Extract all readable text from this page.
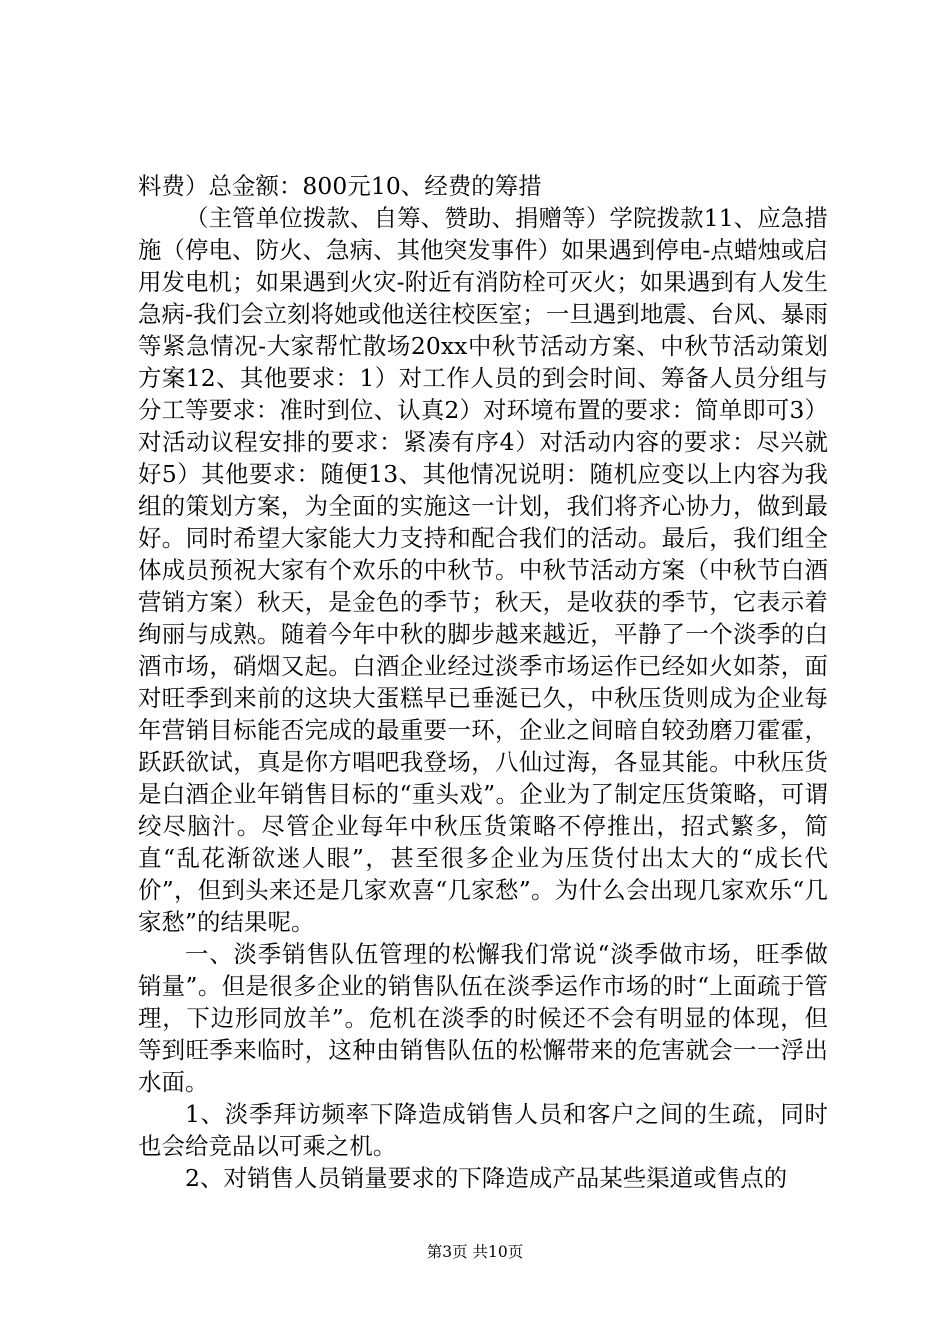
料费）总金额：800元10、经费的筹措

（主管单位拨款、自筹、赞助、捐赠等）学院拨款11、应急措施（停电、防火、急病、其他突发事件）如果遇到停电-点蜡烛或启用发电机；如果遇到火灾-附近有消防栓可灭火；如果遇到有人发生急病-我们会立刻将她或他送往校医室；一旦遇到地震、台风、暴雨等紧急情况-大家帮忙散场20xx中秋节活动方案、中秋节活动策划方案12、其他要求：1）对工作人员的到会时间、筹备人员分组与分工等要求：准时到位、认真2）对环境布置的要求：简单即可3）对活动议程安排的要求：紧凑有序4）对活动内容的要求：尽兴就好5）其他要求：随便13、其他情况说明：随机应变以上内容为我组的策划方案，为全面的实施这一计划，我们将齐心协力，做到最好。同时希望大家能大力支持和配合我们的活动。最后，我们组全体成员预祝大家有个欢乐的中秋节。中秋节活动方案（中秋节白酒营销方案）秋天，是金色的季节；秋天，是收获的季节，它表示着绚丽与成熟。随着今年中秋的脚步越来越近，平静了一个淡季的白酒市场，硝烟又起。白酒企业经过淡季市场运作已经如火如荼，面对旺季到来前的这块大蛋糕早已垂涎已久，中秋压货则成为企业每年营销目标能否完成的最重要一环，企业之间暗自较劲磨刀霍霍，跃跃欲试，真是你方唱吧我登场，八仙过海，各显其能。中秋压货是白酒企业年销售目标的“重头戏”。企业为了制定压货策略，可谓绞尽脑汁。尽管企业每年中秋压货策略不停推出，招式繁多，简直“乱花渐欲迷人眼”，甚至很多企业为压货付出太大的“成长代价”，但到头来还是几家欢喜“几家愁”。为什么会出现几家欢乐“几家愁”的结果呢。

一、淡季销售队伍管理的松懈我们常说“淡季做市场，旺季做销量”。但是很多企业的销售队伍在淡季运作市场的时“上面疏于管理，下边形同放羊”。危机在淡季的时候还不会有明显的体现，但等到旺季来临时，这种由销售队伍的松懈带来的危害就会一一浮出水面。

1、淡季拜访频率下降造成销售人员和客户之间的生疏，同时也会给竞品以可乘之机。

2、对销售人员销量要求的下降造成产品某些渠道或售点的

第3页 共10页
